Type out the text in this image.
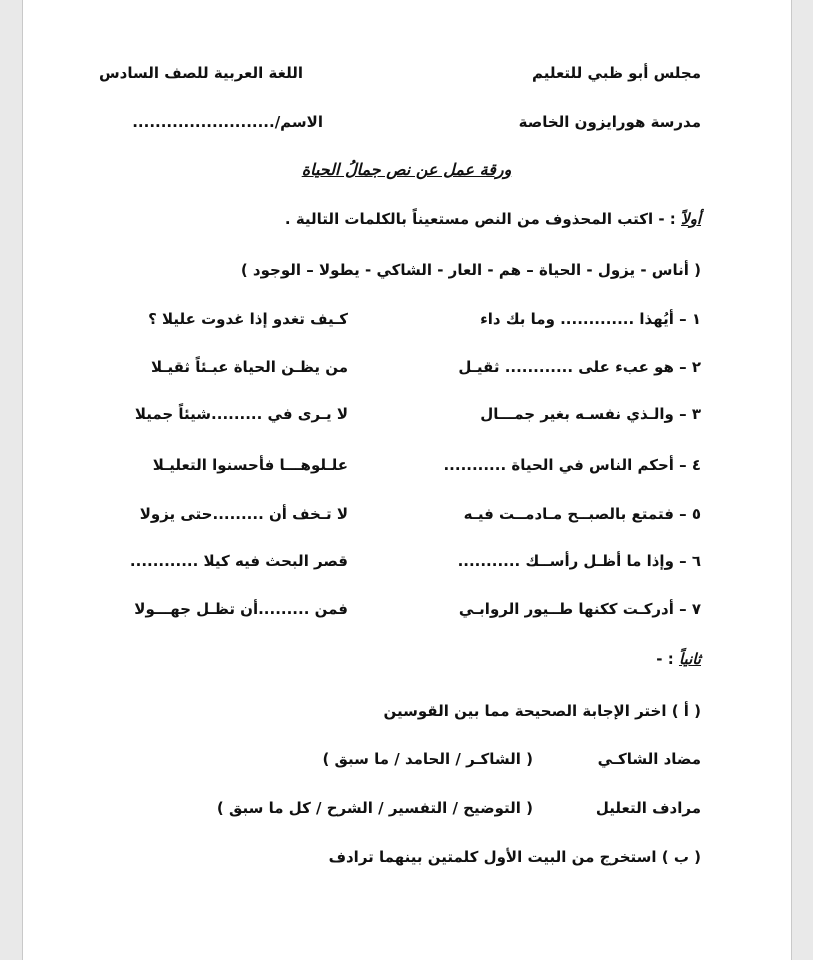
مجلس أبو ظبي للتعليم
اللغة العربية للصف السادس
مدرسة هورايزون الخاصة
الاسم/.........................
ورقة عمل عن نص جمالُ الحياة
أولاً : - اكتب المحذوف من النص مستعيناً بالكلمات التالية .
( أناس - يزول - الحياة – هم - العار - الشاكي - يطولا – الوجود )
١ – أيُهذا ............. وما بك داء
كـيف تغدو إذا غدوت عليلا ؟
٢ – هو عبء على ............ ثقيـل
من يظـن الحياة عبـئاً ثقيـلا
٣ – والـذي نفسـه بغير جمـــال
لا يـرى في .........شيئاً جميلا
٤ – أحكم الناس في الحياة ...........
علـلوهـــا فأحسنوا التعليـلا
٥ – فتمتع بالصبــح مـادمــت فيـه
لا تـخف أن .........حتى يزولا
٦ – وإذا ما أظـل رأســك ...........
قصر البحث فيه كيلا ............
٧ – أدركـت ككنها طــيور الروابـي
فمن .........أن تظـل جهـــولا
ثانياً : -
( أ ) اختر الإجابة الصحيحة مما بين القوسين
مضاد الشاكـي
( الشاكـر / الحامد / ما سبق )
مرادف التعليل
( التوضيح / التفسير / الشرح / كل ما سبق )
( ب ) استخرج من البيت الأول كلمتين بينهما ترادف
